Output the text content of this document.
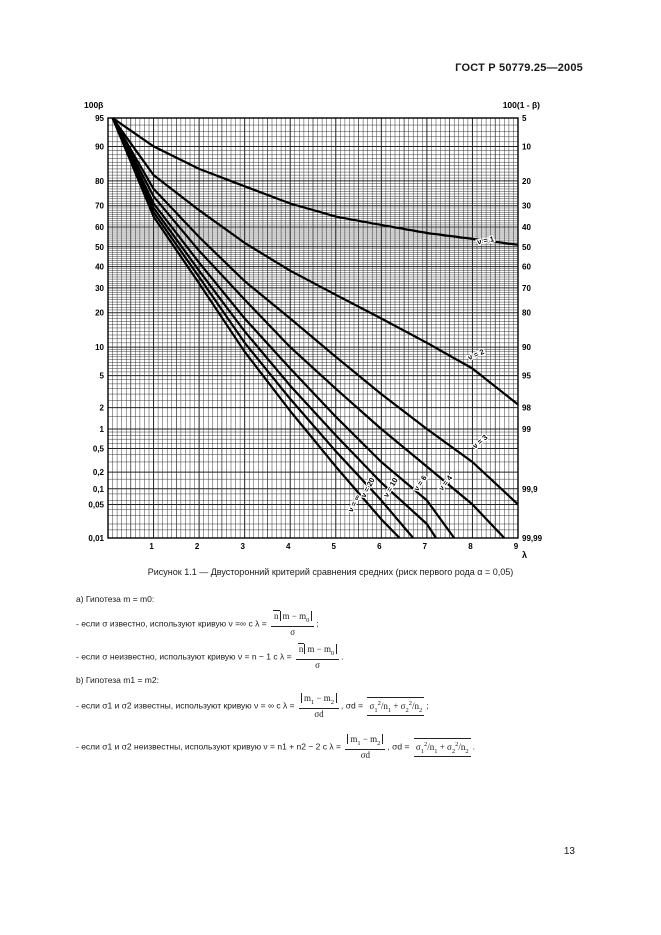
ГОСТ Р 50779.25—2005
95
90
80
70
60
50
40
30
20
10
5
2
1
0,5
0,2
0,1
0,05
0,01
5
10
20
30
40
50
60
70
80
90
95
98
99
99,9
99,99
1	2	3	4	5	6	7	8	9
100β	100(1 - β)
λ
ν = 1
ν = 2
ν = 3
ν = 4
ν = 6
ν = 10
ν = 20
ν = ∞
Рисунок 1.1 — Двусторонний критерий сравнения средних (риск первого рода α = 0,05)
a) Гипотеза m = m0:
- если σ известно, используют кривую ν =∞ с $\lambda = \frac{n m - m_0}{\sigma}$ ;
- если σ неизвестно, используют кривую ν = n − 1 с $\lambda = \frac{n m - m_0}{\sigma}$ .
b) Гипотеза m1 = m2:
- если σ1 и σ2 известны, используют кривую ν = ∞ с $\lambda = \frac{m_1 - m_2}{\sigma d}$ , $\sigma d = \sigma_1^2/n_1 + \sigma_2^2/n_2$ ;
- если σ1 и σ2 неизвестны, используют кривую ν = n1 + n2 − 2 с $\lambda = \frac{m_1 - m_2}{\sigma d}$ , $\sigma d = \sigma_1^2/n_1 + \sigma_2^2/n_2$ .
13
